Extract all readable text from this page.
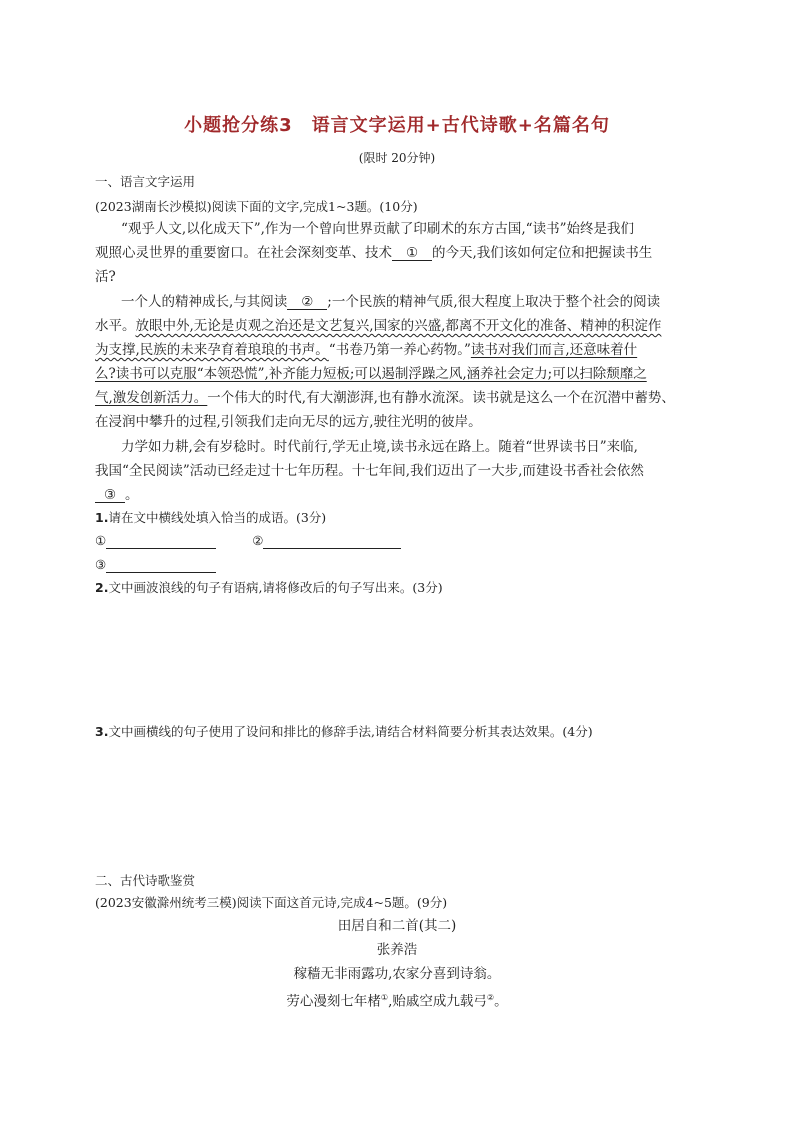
小题抢分练3　语言文字运用+古代诗歌+名篇名句
(限时 20分钟)
一、语言文字运用
(2023湖南长沙模拟)阅读下面的文字,完成1~3题。(10分)
“观乎人文,以化成天下”,作为一个曾向世界贡献了印刷术的东方古国,“读书”始终是我们
观照心灵世界的重要窗口。在社会深刻变革、技术 ① 的今天,我们该如何定位和把握读书生
活?
一个人的精神成长,与其阅读 ② ;一个民族的精神气质,很大程度上取决于整个社会的阅读
水平。放眼中外,无论是贞观之治还是文艺复兴,国家的兴盛,都离不开文化的准备、精神的积淀作
为支撑,民族的未来孕育着琅琅的书声。“书卷乃第一养心药物。”读书对我们而言,还意味着什
么?读书可以克服“本领恐慌”,补齐能力短板;可以遏制浮躁之风,涵养社会定力;可以扫除颓靡之
气,激发创新活力。一个伟大的时代,有大潮澎湃,也有静水流深。读书就是这么一个在沉潜中蓄势、
在浸润中攀升的过程,引领我们走向无尽的远方,驶往光明的彼岸。
力学如力耕,会有岁稔时。时代前行,学无止境,读书永远在路上。随着“世界读书日”来临,
我国“全民阅读”活动已经走过十七年历程。十七年间,我们迈出了一大步,而建设书香社会依然
③ 。
1.请在文中横线处填入恰当的成语。(3分)
①	②
③
2.文中画波浪线的句子有语病,请将修改后的句子写出来。(3分)
3.文中画横线的句子使用了设问和排比的修辞手法,请结合材料简要分析其表达效果。(4分)
二、古代诗歌鉴赏
(2023安徽滁州统考三模)阅读下面这首元诗,完成4~5题。(9分)
田居自和二首(其二)
张养浩
稼穑无非雨露功,农家分喜到诗翁。
劳心漫刻七年楮①,贻戚空成九载弓②。
